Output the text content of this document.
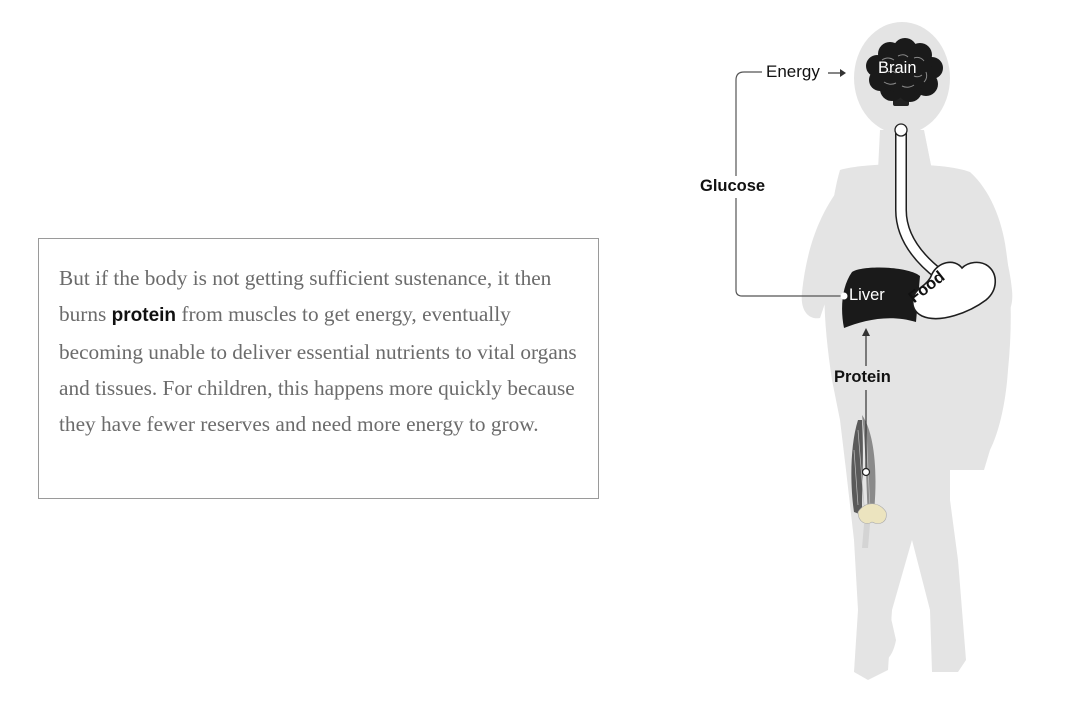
But if the body is not getting sufficient sustenance, it then burns protein from muscles to get energy, eventually becoming unable to deliver essential nutrients to vital organs and tissues. For children, this happens more quickly because they have fewer reserves and need more energy to grow.

Energy	Brain
Glucose
Liver Food
Protein
